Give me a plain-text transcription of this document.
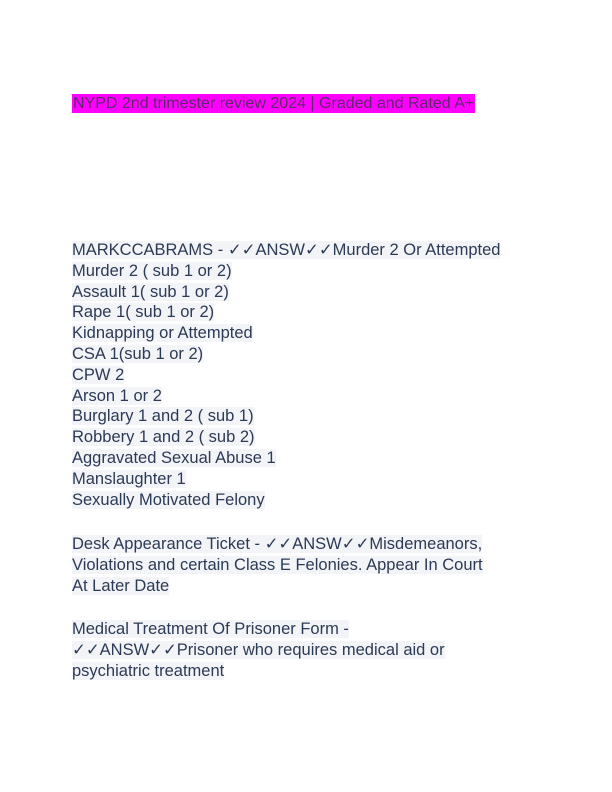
NYPD 2nd trimester review 2024 | Graded and Rated A+
MARKCCABRAMS - ✓✓ANSW✓✓Murder 2 Or Attempted
Murder 2 ( sub 1 or 2)
Assault 1( sub 1 or 2)
Rape 1( sub 1 or 2)
Kidnapping or Attempted
CSA 1(sub 1 or 2)
CPW 2
Arson 1 or 2
Burglary 1 and 2 ( sub 1)
Robbery 1 and 2 ( sub 2)
Aggravated Sexual Abuse 1
Manslaughter 1
Sexually Motivated Felony
Desk Appearance Ticket - ✓✓ANSW✓✓Misdemeanors,
Violations and certain Class E Felonies. Appear In Court
At Later Date
Medical Treatment Of Prisoner Form -
✓✓ANSW✓✓Prisoner who requires medical aid or
psychiatric treatment
